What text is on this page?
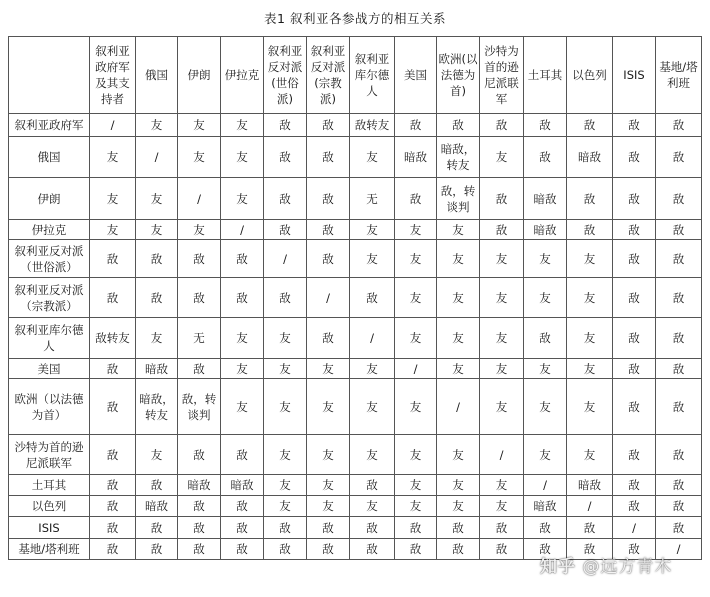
表1 叙利亚各参战方的相互关系
	叙利亚政府军及其支持者	俄国	伊朗	伊拉克	叙利亚反对派(世俗派)	叙利亚反对派(宗教派)	叙利亚库尔德人	美国	欧洲(以法德为首)	沙特为首的逊尼派联军	土耳其	以色列	ISIS	基地/塔利班
叙利亚政府军	/	友	友	友	敌	敌	敌转友	敌	敌	敌	敌	敌	敌	敌
俄国	友	/	友	友	敌	敌	友	暗敌	暗敌，转友	友	敌	暗敌	敌	敌
伊朗	友	友	/	友	敌	敌	无	敌	敌，转谈判	敌	暗敌	敌	敌	敌
伊拉克	友	友	友	/	敌	敌	友	友	友	敌	暗敌	敌	敌	敌
叙利亚反对派（世俗派）	敌	敌	敌	敌	/	敌	友	友	友	友	友	友	敌	敌
叙利亚反对派（宗教派）	敌	敌	敌	敌	敌	/	敌	友	友	友	友	友	敌	敌
叙利亚库尔德人	敌转友	友	无	友	友	敌	/	友	友	友	敌	友	敌	敌
美国	敌	暗敌	敌	友	友	友	友	/	友	友	友	友	敌	敌
欧洲（以法德为首）	敌	暗敌，转友	敌，转谈判	友	友	友	友	友	/	友	友	友	敌	敌
沙特为首的逊尼派联军	敌	友	敌	敌	友	友	友	友	友	/	友	友	敌	敌
土耳其	敌	敌	暗敌	暗敌	友	友	敌	友	友	友	/	暗敌	敌	敌
以色列	敌	暗敌	敌	敌	友	友	友	友	友	友	暗敌	/	敌	敌
ISIS	敌	敌	敌	敌	敌	敌	敌	敌	敌	敌	敌	敌	/	敌
基地/塔利班	敌	敌	敌	敌	敌	敌	敌	敌	敌	敌	敌	敌	敌	/
知乎 @远方青木
